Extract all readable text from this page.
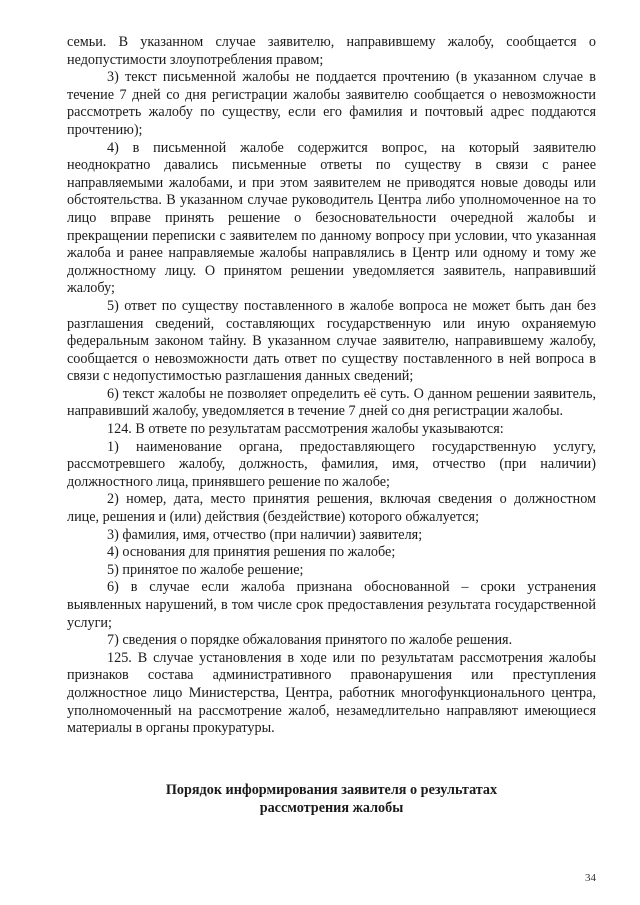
семьи. В указанном случае заявителю, направившему жалобу, сообщается о недопустимости злоупотребления правом;

3) текст письменной жалобы не поддается прочтению (в указанном случае в течение 7 дней со дня регистрации жалобы заявителю сообщается о невозможности рассмотреть жалобу по существу, если его фамилия и почтовый адрес поддаются прочтению);

4) в письменной жалобе содержится вопрос, на который заявителю неоднократно давались письменные ответы по существу в связи с ранее направляемыми жалобами, и при этом заявителем не приводятся новые доводы или обстоятельства. В указанном случае руководитель Центра либо уполномоченное на то лицо вправе принять решение о безосновательности очередной жалобы и прекращении переписки с заявителем по данному вопросу при условии, что указанная жалоба и ранее направляемые жалобы направлялись в Центр или одному и тому же должностному лицу. О принятом решении уведомляется заявитель, направивший жалобу;

5) ответ по существу поставленного в жалобе вопроса не может быть дан без разглашения сведений, составляющих государственную или иную охраняемую федеральным законом тайну. В указанном случае заявителю, направившему жалобу, сообщается о невозможности дать ответ по существу поставленного в ней вопроса в связи с недопустимостью разглашения данных сведений;

6) текст жалобы не позволяет определить её суть. О данном решении заявитель, направивший жалобу, уведомляется в течение 7 дней со дня регистрации жалобы.

124. В ответе по результатам рассмотрения жалобы указываются:

1) наименование органа, предоставляющего государственную услугу, рассмотревшего жалобу, должность, фамилия, имя, отчество (при наличии) должностного лица, принявшего решение по жалобе;

2) номер, дата, место принятия решения, включая сведения о должностном лице, решения и (или) действия (бездействие) которого обжалуется;

3) фамилия, имя, отчество (при наличии) заявителя;

4) основания для принятия решения по жалобе;

5) принятое по жалобе решение;

6) в случае если жалоба признана обоснованной – сроки устранения выявленных нарушений, в том числе срок предоставления результата государственной услуги;

7) сведения о порядке обжалования принятого по жалобе решения.

125. В случае установления в ходе или по результатам рассмотрения жалобы признаков состава административного правонарушения или преступления должностное лицо Министерства, Центра, работник многофункционального центра, уполномоченный на рассмотрение жалоб, незамедлительно направляют имеющиеся материалы в органы прокуратуры.

Порядок информирования заявителя о результатах
рассмотрения жалобы
34
